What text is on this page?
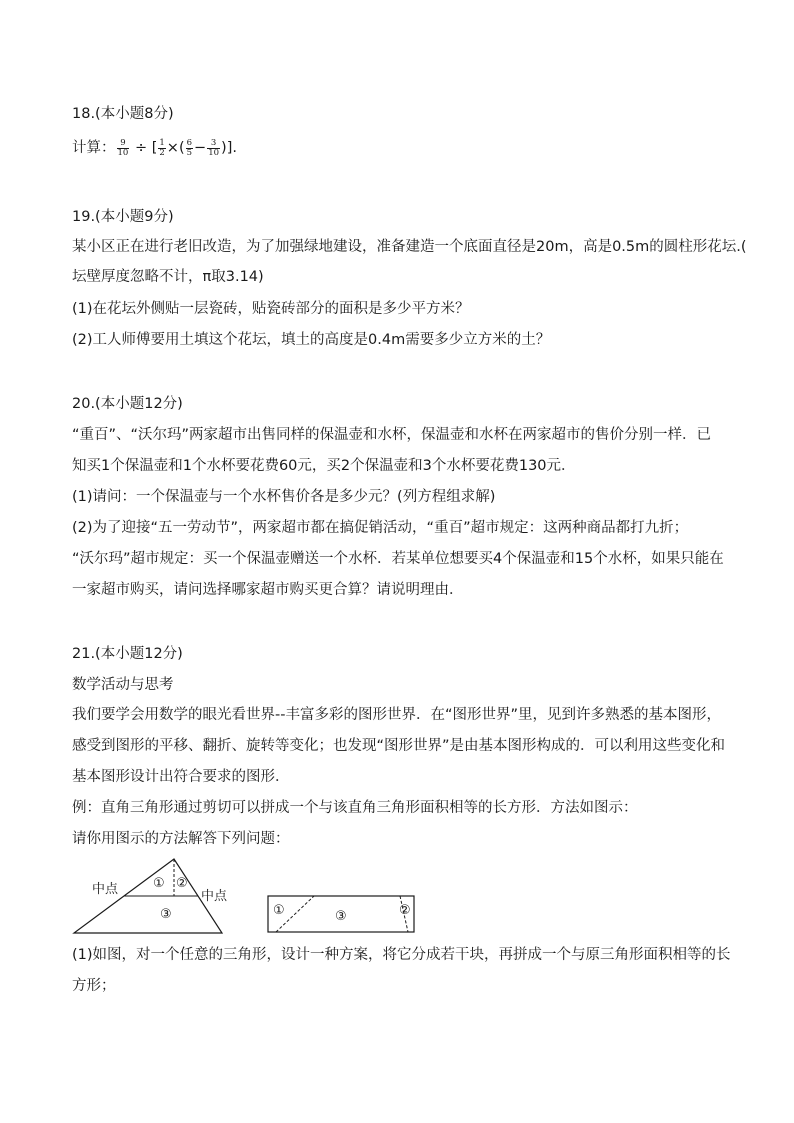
18.(本小题8分)
计算： $\frac{9}{10}$ ÷ [ $\frac{1}{2}$ ×( $\frac{6}{5} - \frac{3}{10}$ )].
19.(本小题9分)
某小区正在进行老旧改造，为了加强绿地建设，准备建造一个底面直径是20m，高是0.5m的圆柱形花坛.(
坛壁厚度忽略不计，π取3.14)
(1)在花坛外侧贴一层瓷砖，贴瓷砖部分的面积是多少平方米？
(2)工人师傅要用土填这个花坛，填土的高度是0.4m需要多少立方米的土？
20.(本小题12分)
“重百”、“沃尔玛”两家超市出售同样的保温壶和水杯，保温壶和水杯在两家超市的售价分别一样．已
知买1个保温壶和1个水杯要花费60元，买2个保温壶和3个水杯要花费130元．
(1)请问：一个保温壶与一个水杯售价各是多少元？(列方程组求解)
(2)为了迎接“五一劳动节”，两家超市都在搞促销活动，“重百”超市规定：这两种商品都打九折；
“沃尔玛”超市规定：买一个保温壶赠送一个水杯．若某单位想要买4个保温壶和15个水杯，如果只能在
一家超市购买，请问选择哪家超市购买更合算？请说明理由．
21.(本小题12分)
数学活动与思考
我们要学会用数学的眼光看世界--丰富多彩的图形世界．在“图形世界”里，见到许多熟悉的基本图形，
感受到图形的平移、翻折、旋转等变化；也发现“图形世界”是由基本图形构成的．可以利用这些变化和
基本图形设计出符合要求的图形．
例：直角三角形通过剪切可以拼成一个与该直角三角形面积相等的长方形．方法如图示：
请你用图示的方法解答下列问题：
中点	中点
① ②
③	①	③	②
(1)如图，对一个任意的三角形，设计一种方案，将它分成若干块，再拼成一个与原三角形面积相等的长
方形；
